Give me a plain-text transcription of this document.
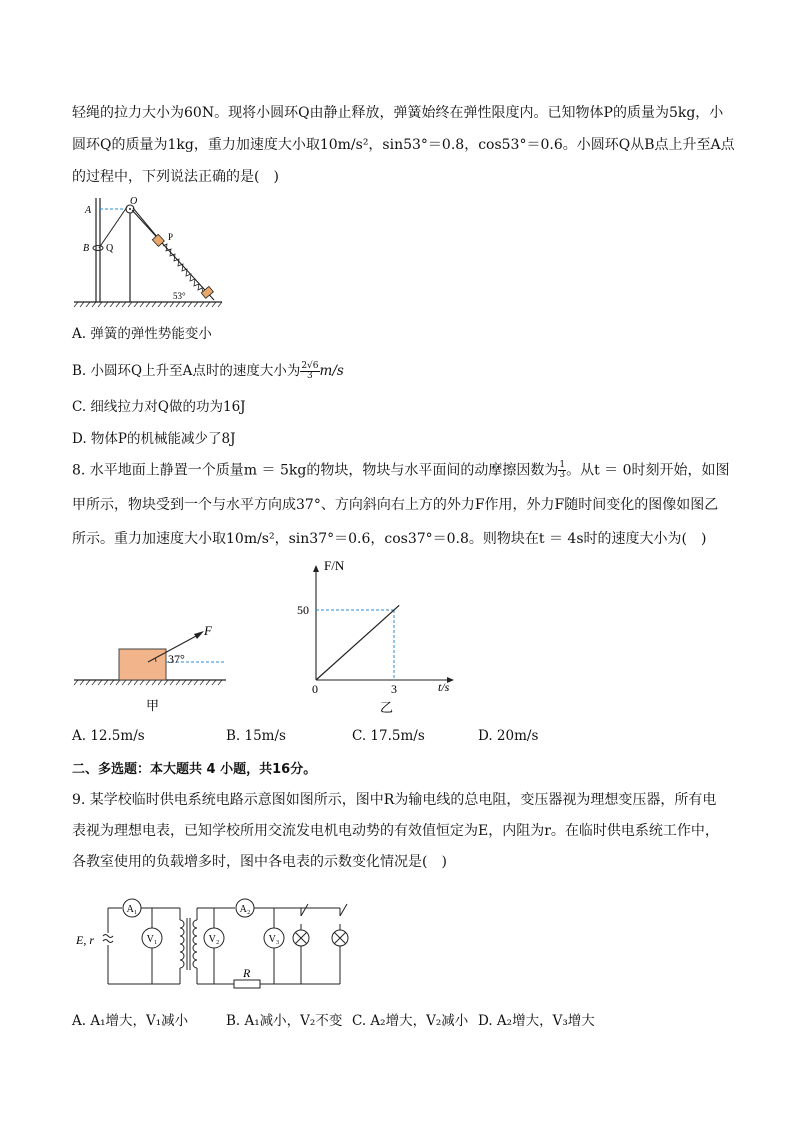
轻绳的拉力大小为60N。现将小圆环Q由静止释放，弹簧始终在弹性限度内。已知物体P的质量为5kg，小
圆环Q的质量为1kg，重力加速度大小取10m/s²，sin53°＝0.8，cos53°＝0.6。小圆环Q从B点上升至A点
的过程中，下列说法正确的是(　)
A
B Q
O
P
53°
A. 弹簧的弹性势能变小
B. 小圆环Q上升至A点时的速度大小为 $\frac{2√6}{3} m/s$
C. 细线拉力对Q做的功为16J
D. 物体P的机械能减少了8J
8. 水平地面上静置一个质量m ＝ 5kg的物块，物块与水平面间的动摩擦因数为 $\frac{1}{3}$ 。从t ＝ 0时刻开始，如图
甲所示，物块受到一个与水平方向成37°、方向斜向右上方的外力F作用，外力F随时间变化的图像如图乙
所示。重力加速度大小取10m/s²，sin37°＝0.6，cos37°＝0.8。则物块在t ＝ 4s时的速度大小为(　)
37°
F
甲
F/N
t/s
0	3
50
乙
A. 12.5m/s	B. 15m/s	C. 17.5m/s	D. 20m/s
二、多选题：本大题共 4 小题，共16分。
9. 某学校临时供电系统电路示意图如图所示，图中R为输电线的总电阻，变压器视为理想变压器，所有电
表视为理想电表，已知学校所用交流发电机电动势的有效值恒定为E，内阻为r。在临时供电系统工作中，
各教室使用的负载增多时，图中各电表的示数变化情况是(　)
E, r
A₁
V₁
A₂
R
V₂	V₃
A. A₁增大，V₁减小	B. A₁减小，V₂不变 C. A₂增大，V₂减小 D. A₂增大，V₃增大
